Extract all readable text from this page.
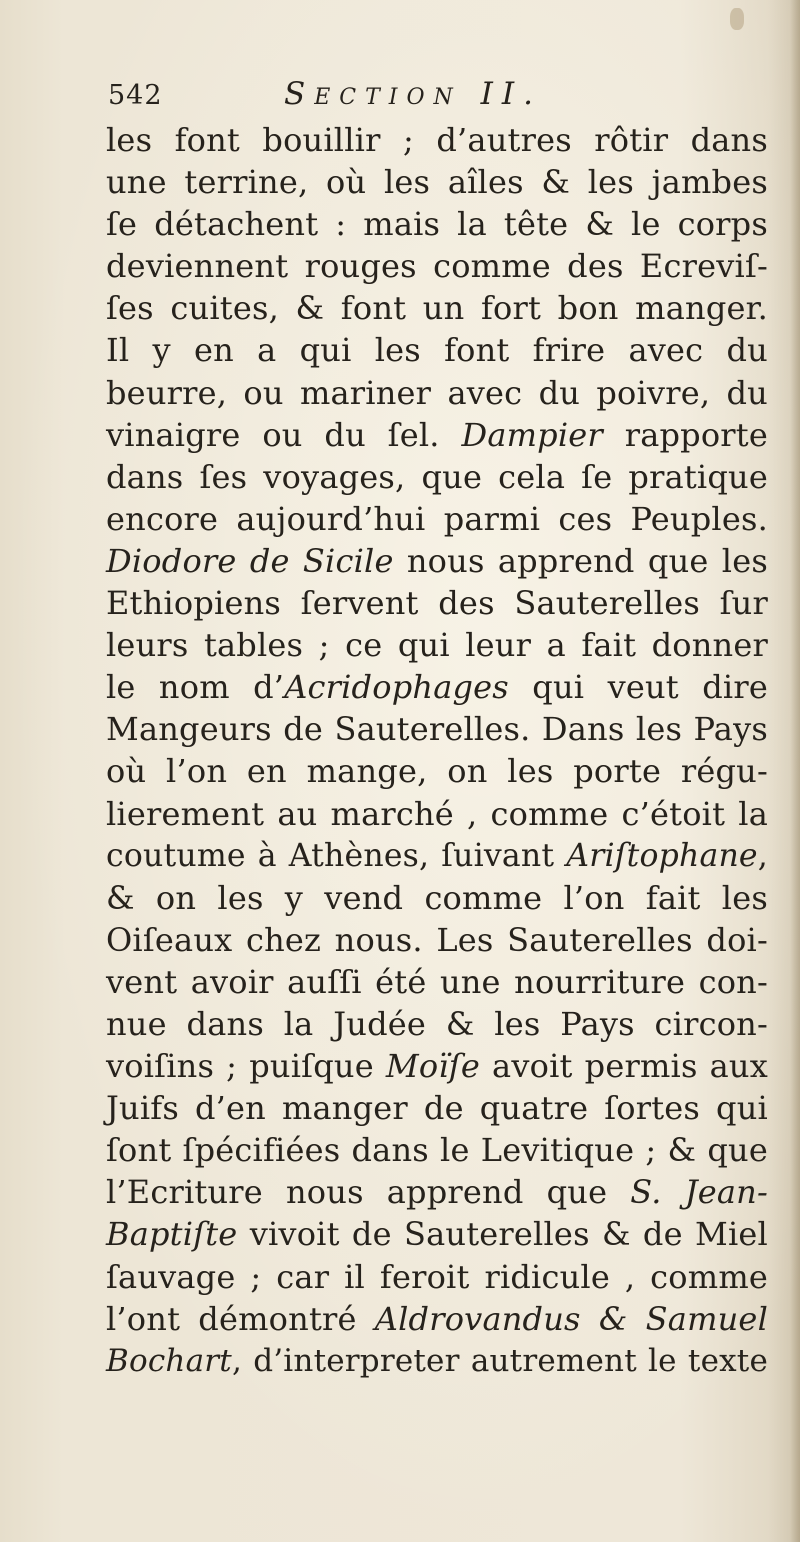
542	Section II.
les font bouillir ; d’autres rôtir dans
une terrine, où les aîles & les jambes
ſe détachent : mais la tête & le corps
deviennent rouges comme des Ecreviſ-
ſes cuites, & font un fort bon manger.
Il y en a qui les font frire avec du
beurre, ou mariner avec du poivre, du
vinaigre ou du ſel. Dampier rapporte
dans ſes voyages, que cela ſe pratique
encore aujourd’hui parmi ces Peuples.
Diodore de Sicile nous apprend que les
Ethiopiens ſervent des Sauterelles ſur
leurs tables ; ce qui leur a fait donner
le nom d’Acridophages qui veut dire
Mangeurs de Sauterelles. Dans les Pays
où l’on en mange, on les porte régu-
lierement au marché , comme c’étoit la
coutume à Athènes, ſuivant Ariſtophane,
& on les y vend comme l’on fait les
Oiſeaux chez nous. Les Sauterelles doi-
vent avoir auſſi été une nourriture con-
nue dans la Judée & les Pays circon-
voiſins ; puiſque Moïſe avoit permis aux
Juifs d’en manger de quatre ſortes qui
ſont ſpécifiées dans le Levitique ; & que
l’Ecriture nous apprend que S. Jean-
Baptiſte vivoit de Sauterelles & de Miel
ſauvage ; car il feroit ridicule , comme
l’ont démontré Aldrovandus & Samuel
Bochart, d’interpreter autrement le texte
